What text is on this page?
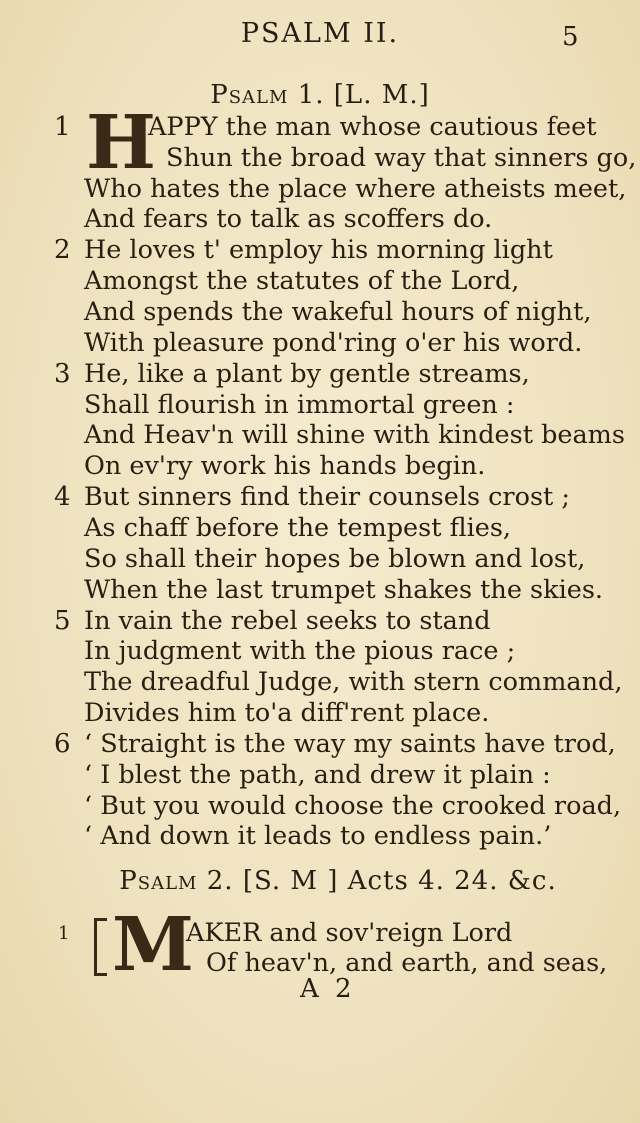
PSALM II.	5
Psalm 1. [L. M.]
1
2
3
4
5
6
H
APPY the man whose cautious feet
Shun the broad way that sinners go,
Who hates the place where atheists meet,
And fears to talk as scoffers do.
He loves t' employ his morning light
Amongst the statutes of the Lord,
And spends the wakeful hours of night,
With pleasure pond'ring o'er his word.
He, like a plant by gentle streams,
Shall flourish in immortal green :
And Heav'n will shine with kindest beams
On ev'ry work his hands begin.
But sinners find their counsels crost ;
As chaff before the tempest flies,
So shall their hopes be blown and lost,
When the last trumpet shakes the skies.
In vain the rebel seeks to stand
In judgment with the pious race ;
The dreadful Judge, with stern command,
Divides him to'a diff'rent place.
‘ Straight is the way my saints have trod,
‘ I blest the path, and drew it plain :
‘ But you would choose the crooked road,
‘ And down it leads to endless pain.’
Psalm 2. [S. M ] Acts 4. 24. &c.
1 M
AKER and sov'reign Lord
Of heav'n, and earth, and seas,
A 2
